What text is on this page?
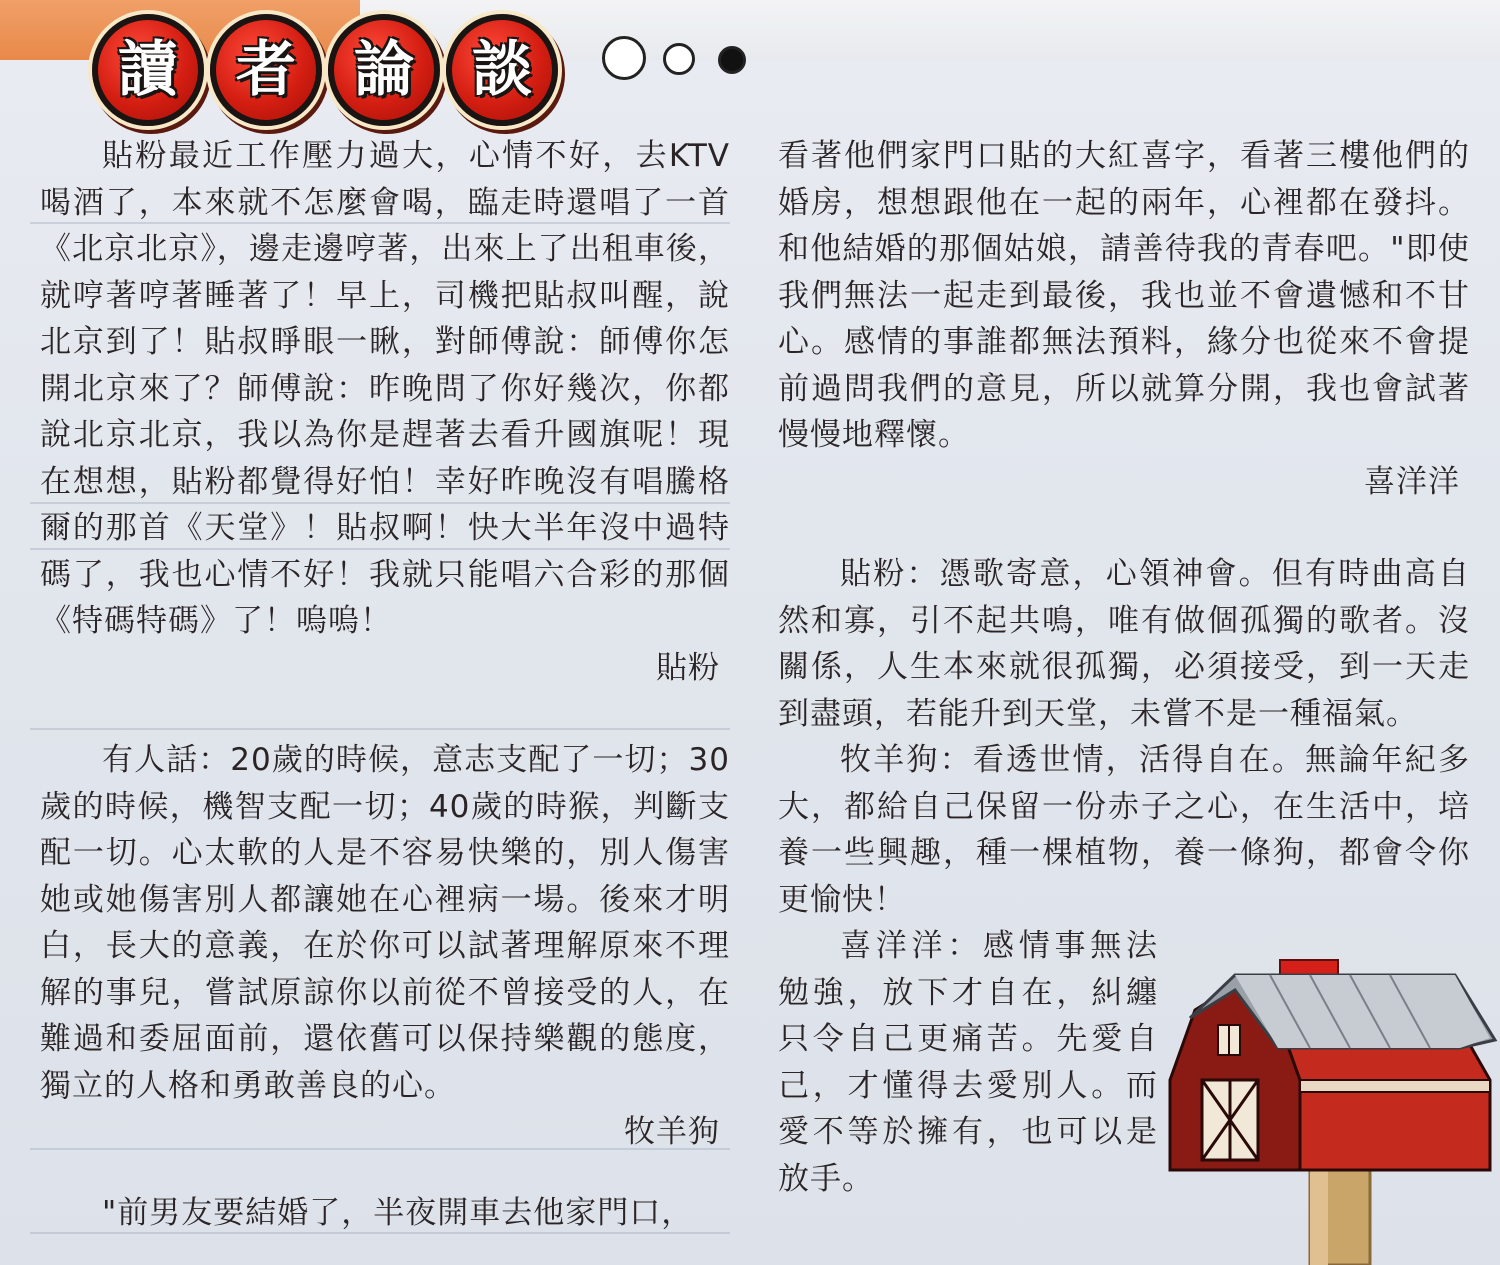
讀 者 論 談

貼粉最近工作壓力過大，心情不好，去KTV喝酒了，本來就不怎麼會喝，臨走時還唱了一首《北京北京》，邊走邊哼著，出來上了出租車後，就哼著哼著睡著了！早上，司機把貼叔叫醒，說北京到了！貼叔睜眼一瞅，對師傅說：師傅你怎開北京來了？師傅說：昨晚問了你好幾次，你都說北京北京，我以為你是趕著去看升國旗呢！現在想想，貼粉都覺得好怕！幸好昨晚沒有唱騰格爾的那首《天堂》！貼叔啊！快大半年沒中過特碼了，我也心情不好！我就只能唱六合彩的那個《特碼特碼》了！嗚嗚！

貼粉

有人話：20歲的時候，意志支配了一切；30歲的時候，機智支配一切；40歲的時猴，判斷支配一切。心太軟的人是不容易快樂的，別人傷害她或她傷害別人都讓她在心裡病一場。後來才明白，長大的意義，在於你可以試著理解原來不理解的事兒，嘗試原諒你以前從不曾接受的人，在難過和委屈面前，還依舊可以保持樂觀的態度，獨立的人格和勇敢善良的心。

牧羊狗

"前男友要結婚了，半夜開車去他家門口，

看著他們家門口貼的大紅喜字，看著三樓他們的婚房，想想跟他在一起的兩年，心裡都在發抖。和他結婚的那個姑娘，請善待我的青春吧。"即使我們無法一起走到最後，我也並不會遺憾和不甘心。感情的事誰都無法預料，緣分也從來不會提前過問我們的意見，所以就算分開，我也會試著慢慢地釋懷。

喜洋洋

貼粉：憑歌寄意，心領神會。但有時曲高自然和寡，引不起共鳴，唯有做個孤獨的歌者。沒關係，人生本來就很孤獨，必須接受，到一天走到盡頭，若能升到天堂，未嘗不是一種福氣。

牧羊狗：看透世情，活得自在。無論年紀多大，都給自己保留一份赤子之心，在生活中，培養一些興趣，種一棵植物，養一條狗，都會令你更愉快！

喜洋洋：感情事無法勉強，放下才自在，糾纏只令自己更痛苦。先愛自己，才懂得去愛別人。而愛不等於擁有，也可以是放手。
